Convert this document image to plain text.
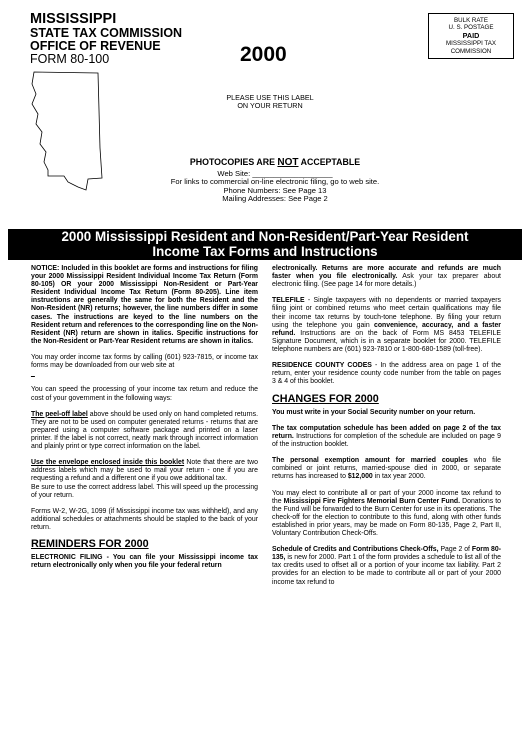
MISSISSIPPI
STATE TAX COMMISSION
OFFICE OF REVENUE
FORM 80-100	2000
BULK RATE
U. S. POSTAGE
PAID
MISSISSIPPI TAX
COMMISSION
PLEASE USE THIS LABEL
ON YOUR RETURN
PHOTOCOPIES ARE NOT ACCEPTABLE
Web Site: ___________________
For links to commercial on-line electronic filing, go to web site.
Phone Numbers: See Page 13
Mailing Addresses: See Page 2
2000 Mississippi Resident and Non-Resident/Part-Year Resident
Income Tax Forms and Instructions

NOTICE: Included in this booklet are forms and instructions for filing your 2000 Mississippi Resident Individual Income Tax Return (Form 80-105) OR your 2000 Mississippi Non-Resident or Part-Year Resident Individual Income Tax Return (Form 80-205). Line item instructions are generally the same for both the Resident and the Non-Resident (NR) returns; however, the line numbers differ in some cases. The instructions are keyed to the line numbers on the Resident return and references to the corresponding line on the Non-Resident (NR) return are shown in italics. Specific instructions for the Non-Resident or Part-Year Resident returns are shown in italics.

You may order income tax forms by calling (601) 923-7815, or income tax forms may be downloaded from our web site at
_

You can speed the processing of your income tax return and reduce the cost of your government in the following ways:

The peel-off label above should be used only on hand completed returns. They are not to be used on computer generated returns - returns that are prepared using a computer software package and printed on a laser printer. If the label is not correct, neatly mark through incorrect information and plainly print or type correct information on the label.

Use the envelope enclosed inside this booklet Note that there are two address labels which may be used to mail your return - one if you are requesting a refund and a different one if you owe additional tax.
Be sure to use the correct address label. This will speed up the processing of your return.

Forms W-2, W-2G, 1099 (if Mississippi income tax was withheld), and any additional schedules or attachments should be stapled to the back of your return.

REMINDERS FOR 2000

ELECTRONIC FILING - You can file your Mississippi income tax return electronically only when you file your federal return

electronically. Returns are more accurate and refunds are much faster when you file electronically. Ask your tax preparer about electronic filing. (See page 14 for more details.)

TELEFILE - Single taxpayers with no dependents or married taxpayers filing joint or combined returns who meet certain qualifications may file their income tax returns by touch-tone telephone. By filing your return using the telephone you gain convenience, accuracy, and a faster refund. Instructions are on the back of Form MS 8453 TELEFILE Signature Document, which is in a separate booklet for 2000. TELEFILE telephone numbers are (601) 923-7810 or 1-800-680-1589 (toll-free).

RESIDENCE COUNTY CODES - In the address area on page 1 of the return, enter your residence county code number from the table on pages 3 & 4 of this booklet.

CHANGES FOR 2000

You must write in your Social Security number on your return.

The tax computation schedule has been added on page 2 of the tax return. Instructions for completion of the schedule are included on page 9 of the instruction booklet.

The personal exemption amount for married couples who file combined or joint returns, married-spouse died in 2000, or separate returns has increased to $12,000 in tax year 2000.

You may elect to contribute all or part of your 2000 income tax refund to the Mississippi Fire Fighters Memorial Burn Center Fund. Donations to the Fund will be forwarded to the Burn Center for use in its operations. The check-off for the election to contribute to this fund, along with other funds established in prior years, may be made on Form 80-135, Page 2, Part II, Voluntary Contribution Check-Offs.

Schedule of Credits and Contributions Check-Offs, Page 2 of Form 80-135, is new for 2000. Part 1 of the form provides a schedule to list all of the tax credits used to offset all or a portion of your income tax liability. Part 2 provides for an election to be made to contribute all or part of your 2000 income tax refund to
